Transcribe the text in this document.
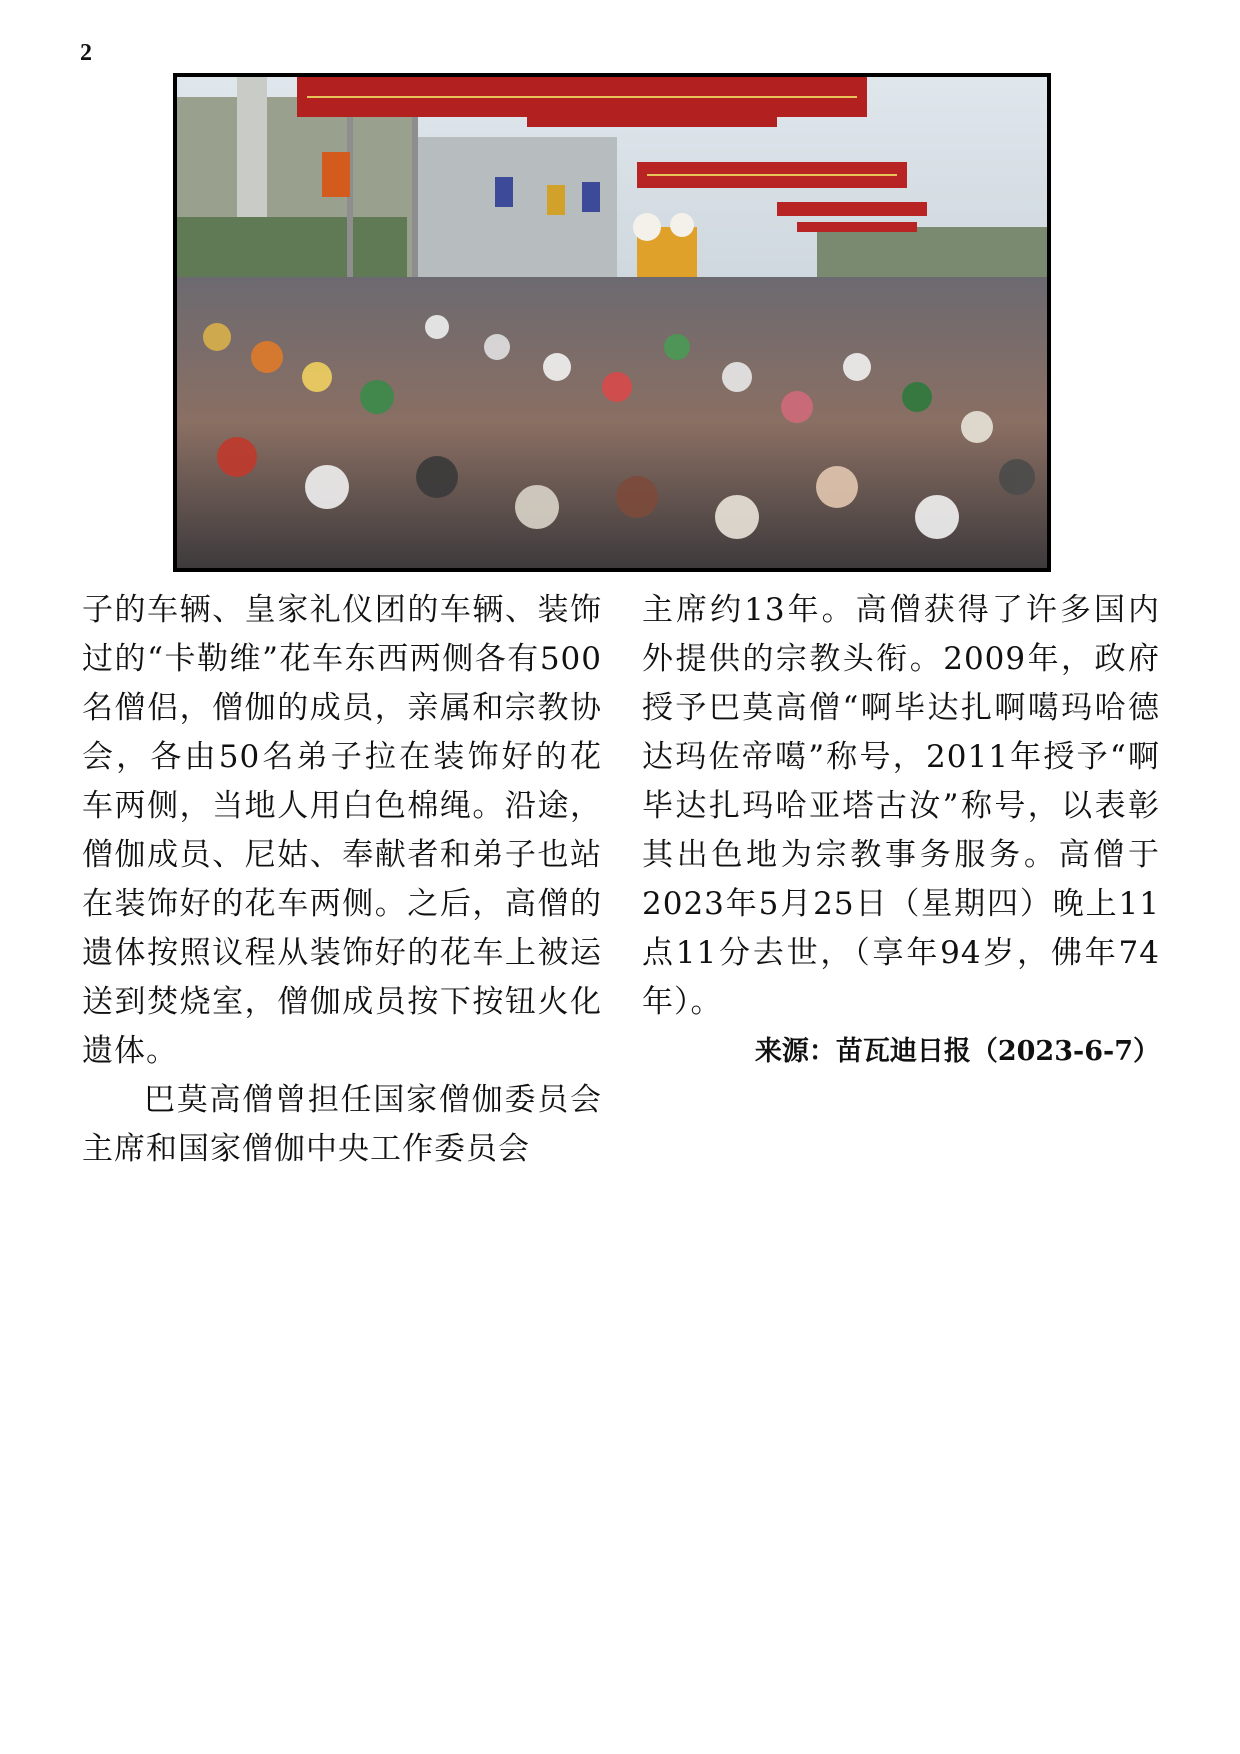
2

子的车辆、皇家礼仪团的车辆、装饰过的“卡勒维”花车东西两侧各有500名僧侣，僧伽的成员，亲属和宗教协会，各由50名弟子拉在装饰好的花车两侧，当地人用白色棉绳。沿途，僧伽成员、尼姑、奉献者和弟子也站在装饰好的花车两侧。之后，高僧的遗体按照议程从装饰好的花车上被运送到焚烧室，僧伽成员按下按钮火化遗体。

巴莫高僧曾担任国家僧伽委员会主席和国家僧伽中央工作委员会

主席约13年。高僧获得了许多国内外提供的宗教头衔。2009年，政府授予巴莫高僧“啊毕达扎啊噶玛哈德达玛佐帝噶”称号，2011年授予“啊毕达扎玛哈亚塔古汝”称号，以表彰其出色地为宗教事务服务。高僧于2023年5月25日（星期四）晚上11点11分去世，（享年94岁，佛年74年）。

来源：苗瓦迪日报（2023-6-7）
